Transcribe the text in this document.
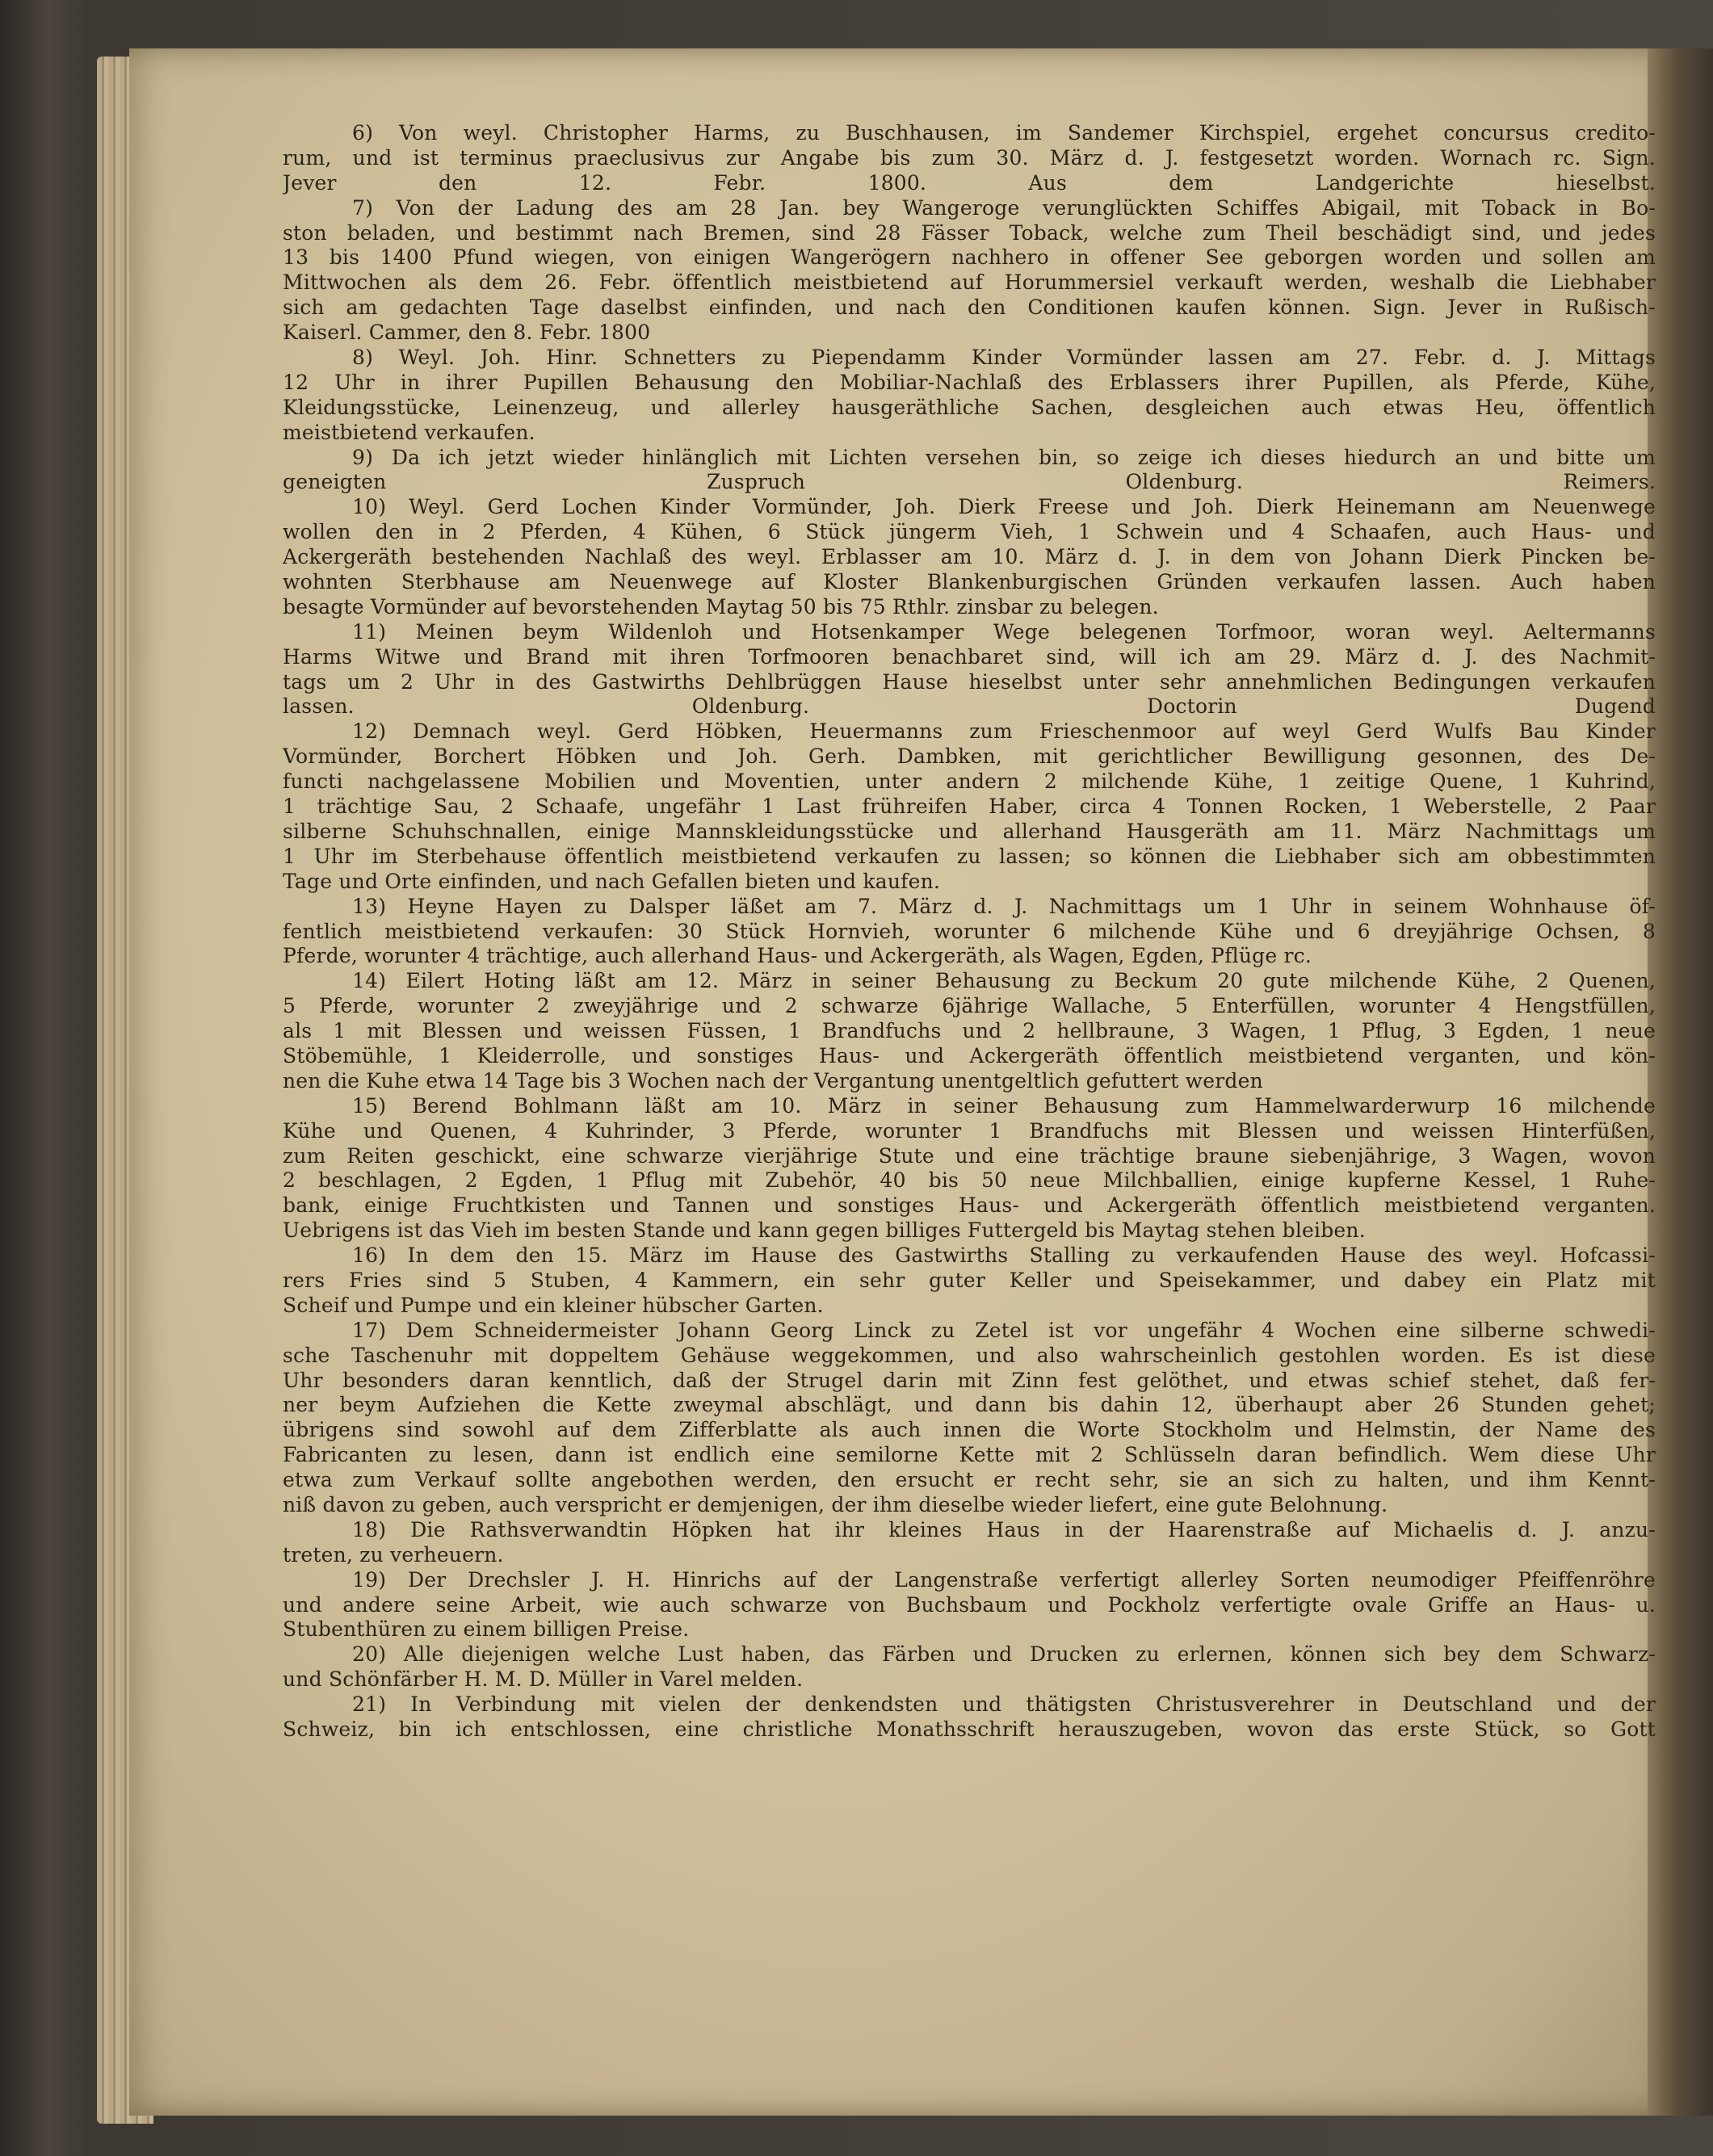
6) Von weyl. Christopher Harms, zu Buschhausen, im Sandemer Kirchspiel, ergehet concursus credito-
rum, und ist terminus praeclusivus zur Angabe bis zum 30. März d. J. festgesetzt worden. Wornach rc. Sign.
Jever den 12. Febr. 1800. Aus dem Landgerichte hieselbst.
7) Von der Ladung des am 28 Jan. bey Wangeroge verunglückten Schiffes Abigail, mit Toback in Bo-
ston beladen, und bestimmt nach Bremen, sind 28 Fässer Toback, welche zum Theil beschädigt sind, und jedes
13 bis 1400 Pfund wiegen, von einigen Wangerögern nachhero in offener See geborgen worden und sollen am
Mittwochen als dem 26. Febr. öffentlich meistbietend auf Horummersiel verkauft werden, weshalb die Liebhaber
sich am gedachten Tage daselbst einfinden, und nach den Conditionen kaufen können. Sign. Jever in Rußisch-
Kaiserl. Cammer, den 8. Febr. 1800
8) Weyl. Joh. Hinr. Schnetters zu Piependamm Kinder Vormünder lassen am 27. Febr. d. J. Mittags
12 Uhr in ihrer Pupillen Behausung den Mobiliar-Nachlaß des Erblassers ihrer Pupillen, als Pferde, Kühe,
Kleidungsstücke, Leinenzeug, und allerley hausgeräthliche Sachen, desgleichen auch etwas Heu, öffentlich
meistbietend verkaufen.
9) Da ich jetzt wieder hinlänglich mit Lichten versehen bin, so zeige ich dieses hiedurch an und bitte um
geneigten Zuspruch Oldenburg. Reimers.
10) Weyl. Gerd Lochen Kinder Vormünder, Joh. Dierk Freese und Joh. Dierk Heinemann am Neuenwege
wollen den in 2 Pferden, 4 Kühen, 6 Stück jüngerm Vieh, 1 Schwein und 4 Schaafen, auch Haus- und
Ackergeräth bestehenden Nachlaß des weyl. Erblasser am 10. März d. J. in dem von Johann Dierk Pincken be-
wohnten Sterbhause am Neuenwege auf Kloster Blankenburgischen Gründen verkaufen lassen. Auch haben
besagte Vormünder auf bevorstehenden Maytag 50 bis 75 Rthlr. zinsbar zu belegen.
11) Meinen beym Wildenloh und Hotsenkamper Wege belegenen Torfmoor, woran weyl. Aeltermanns
Harms Witwe und Brand mit ihren Torfmooren benachbaret sind, will ich am 29. März d. J. des Nachmit-
tags um 2 Uhr in des Gastwirths Dehlbrüggen Hause hieselbst unter sehr annehmlichen Bedingungen verkaufen
lassen. Oldenburg. Doctorin Dugend
12) Demnach weyl. Gerd Höbken, Heuermanns zum Frieschenmoor auf weyl Gerd Wulfs Bau Kinder
Vormünder, Borchert Höbken und Joh. Gerh. Dambken, mit gerichtlicher Bewilligung gesonnen, des De-
functi nachgelassene Mobilien und Moventien, unter andern 2 milchende Kühe, 1 zeitige Quene, 1 Kuhrind,
1 trächtige Sau, 2 Schaafe, ungefähr 1 Last frühreifen Haber, circa 4 Tonnen Rocken, 1 Weberstelle, 2 Paar
silberne Schuhschnallen, einige Mannskleidungsstücke und allerhand Hausgeräth am 11. März Nachmittags um
1 Uhr im Sterbehause öffentlich meistbietend verkaufen zu lassen; so können die Liebhaber sich am obbestimmten
Tage und Orte einfinden, und nach Gefallen bieten und kaufen.
13) Heyne Hayen zu Dalsper läßet am 7. März d. J. Nachmittags um 1 Uhr in seinem Wohnhause öf-
fentlich meistbietend verkaufen: 30 Stück Hornvieh, worunter 6 milchende Kühe und 6 dreyjährige Ochsen, 8
Pferde, worunter 4 trächtige, auch allerhand Haus- und Ackergeräth, als Wagen, Egden, Pflüge rc.
14) Eilert Hoting läßt am 12. März in seiner Behausung zu Beckum 20 gute milchende Kühe, 2 Quenen,
5 Pferde, worunter 2 zweyjährige und 2 schwarze 6jährige Wallache, 5 Enterfüllen, worunter 4 Hengstfüllen,
als 1 mit Blessen und weissen Füssen, 1 Brandfuchs und 2 hellbraune, 3 Wagen, 1 Pflug, 3 Egden, 1 neue
Stöbemühle, 1 Kleiderrolle, und sonstiges Haus- und Ackergeräth öffentlich meistbietend verganten, und kön-
nen die Kuhe etwa 14 Tage bis 3 Wochen nach der Vergantung unentgeltlich gefuttert werden
15) Berend Bohlmann läßt am 10. März in seiner Behausung zum Hammelwarderwurp 16 milchende
Kühe und Quenen, 4 Kuhrinder, 3 Pferde, worunter 1 Brandfuchs mit Blessen und weissen Hinterfüßen,
zum Reiten geschickt, eine schwarze vierjährige Stute und eine trächtige braune siebenjährige, 3 Wagen, wovon
2 beschlagen, 2 Egden, 1 Pflug mit Zubehör, 40 bis 50 neue Milchballien, einige kupferne Kessel, 1 Ruhe-
bank, einige Fruchtkisten und Tannen und sonstiges Haus- und Ackergeräth öffentlich meistbietend verganten.
Uebrigens ist das Vieh im besten Stande und kann gegen billiges Futtergeld bis Maytag stehen bleiben.
16) In dem den 15. März im Hause des Gastwirths Stalling zu verkaufenden Hause des weyl. Hofcassi-
rers Fries sind 5 Stuben, 4 Kammern, ein sehr guter Keller und Speisekammer, und dabey ein Platz mit
Scheif und Pumpe und ein kleiner hübscher Garten.
17) Dem Schneidermeister Johann Georg Linck zu Zetel ist vor ungefähr 4 Wochen eine silberne schwedi-
sche Taschenuhr mit doppeltem Gehäuse weggekommen, und also wahrscheinlich gestohlen worden. Es ist diese
Uhr besonders daran kenntlich, daß der Strugel darin mit Zinn fest gelöthet, und etwas schief stehet, daß fer-
ner beym Aufziehen die Kette zweymal abschlägt, und dann bis dahin 12, überhaupt aber 26 Stunden gehet;
übrigens sind sowohl auf dem Zifferblatte als auch innen die Worte Stockholm und Helmstin, der Name des
Fabricanten zu lesen, dann ist endlich eine semilorne Kette mit 2 Schlüsseln daran befindlich. Wem diese Uhr
etwa zum Verkauf sollte angebothen werden, den ersucht er recht sehr, sie an sich zu halten, und ihm Kennt-
niß davon zu geben, auch verspricht er demjenigen, der ihm dieselbe wieder liefert, eine gute Belohnung.
18) Die Rathsverwandtin Höpken hat ihr kleines Haus in der Haarenstraße auf Michaelis d. J. anzu-
treten, zu verheuern.
19) Der Drechsler J. H. Hinrichs auf der Langenstraße verfertigt allerley Sorten neumodiger Pfeiffenröhre
und andere seine Arbeit, wie auch schwarze von Buchsbaum und Pockholz verfertigte ovale Griffe an Haus- u.
Stubenthüren zu einem billigen Preise.
20) Alle diejenigen welche Lust haben, das Färben und Drucken zu erlernen, können sich bey dem Schwarz-
und Schönfärber H. M. D. Müller in Varel melden.
21) In Verbindung mit vielen der denkendsten und thätigsten Christusverehrer in Deutschland und der
Schweiz, bin ich entschlossen, eine christliche Monathsschrift herauszugeben, wovon das erste Stück, so Gott
